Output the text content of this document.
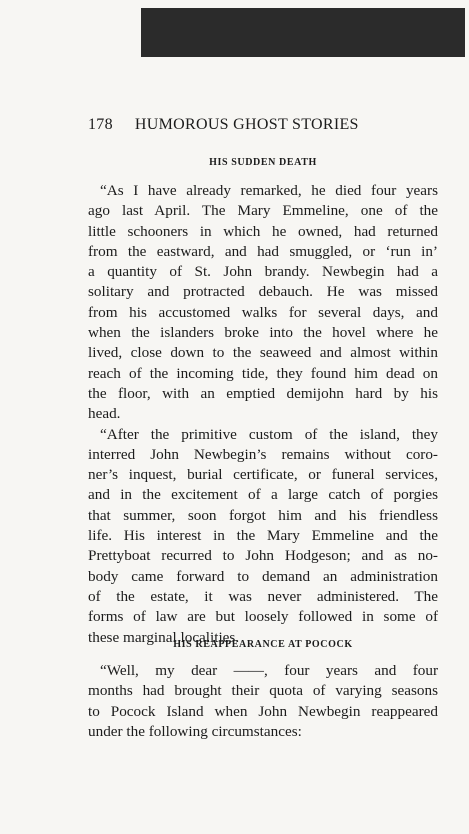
178 HUMOROUS GHOST STORIES
HIS SUDDEN DEATH
“As I have already remarked, he died four years
ago last April. The Mary Emmeline, one of the
little schooners in which he owned, had returned
from the eastward, and had smuggled, or ‘run in’
a quantity of St. John brandy. Newbegin had a
solitary and protracted debauch. He was missed
from his accustomed walks for several days, and
when the islanders broke into the hovel where he
lived, close down to the seaweed and almost within
reach of the incoming tide, they found him dead on
the floor, with an emptied demijohn hard by his
head.
“After the primitive custom of the island, they
interred John Newbegin’s remains without coro-
ner’s inquest, burial certificate, or funeral services,
and in the excitement of a large catch of porgies
that summer, soon forgot him and his friendless
life. His interest in the Mary Emmeline and the
Prettyboat recurred to John Hodgeson; and as no-
body came forward to demand an administration
of the estate, it was never administered. The
forms of law are but loosely followed in some of
these marginal localities.
HIS REAPPEARANCE AT POCOCK
“Well, my dear ——, four years and four
months had brought their quota of varying seasons
to Pocock Island when John Newbegin reappeared
under the following circumstances:
